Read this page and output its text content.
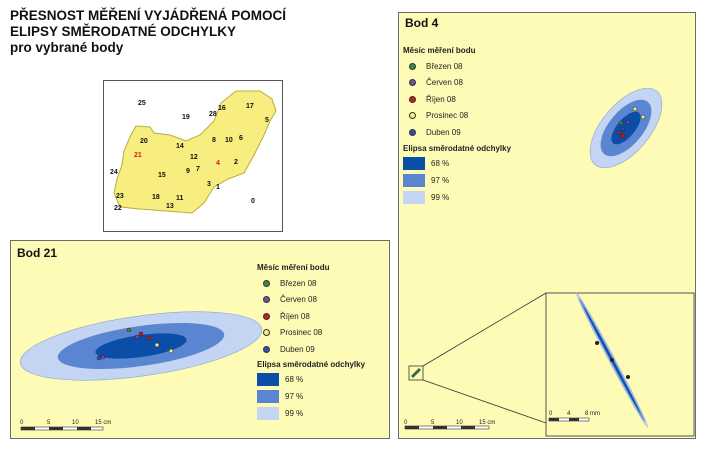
PŘESNOST MĚŘENÍ VYJÁDŘENÁ POMOCÍ
ELIPSY SMĚRODATNÉ ODCHYLKY
pro vybrané body
25
19
16
28
17
5
20
21
14
8 10 6
12
4 2
9 7
24	15
3 1
23	18 11
22	13
0
Bod 4
Měsíc měření bodu
Březen 08
Červen 08
Říjen 08
Prosinec 08
Duben 09
Elipsa směrodatné odchylky
68 %
97 %
99 %
0 4 8 mm
0	5	10	15 cm
Bod 21
0	5	10	15 cm
Měsíc měření bodu
Březen 08
Červen 08
Říjen 08
Prosinec 08
Duben 09
Elipsa směrodatné odchylky
68 %
97 %
99 %
